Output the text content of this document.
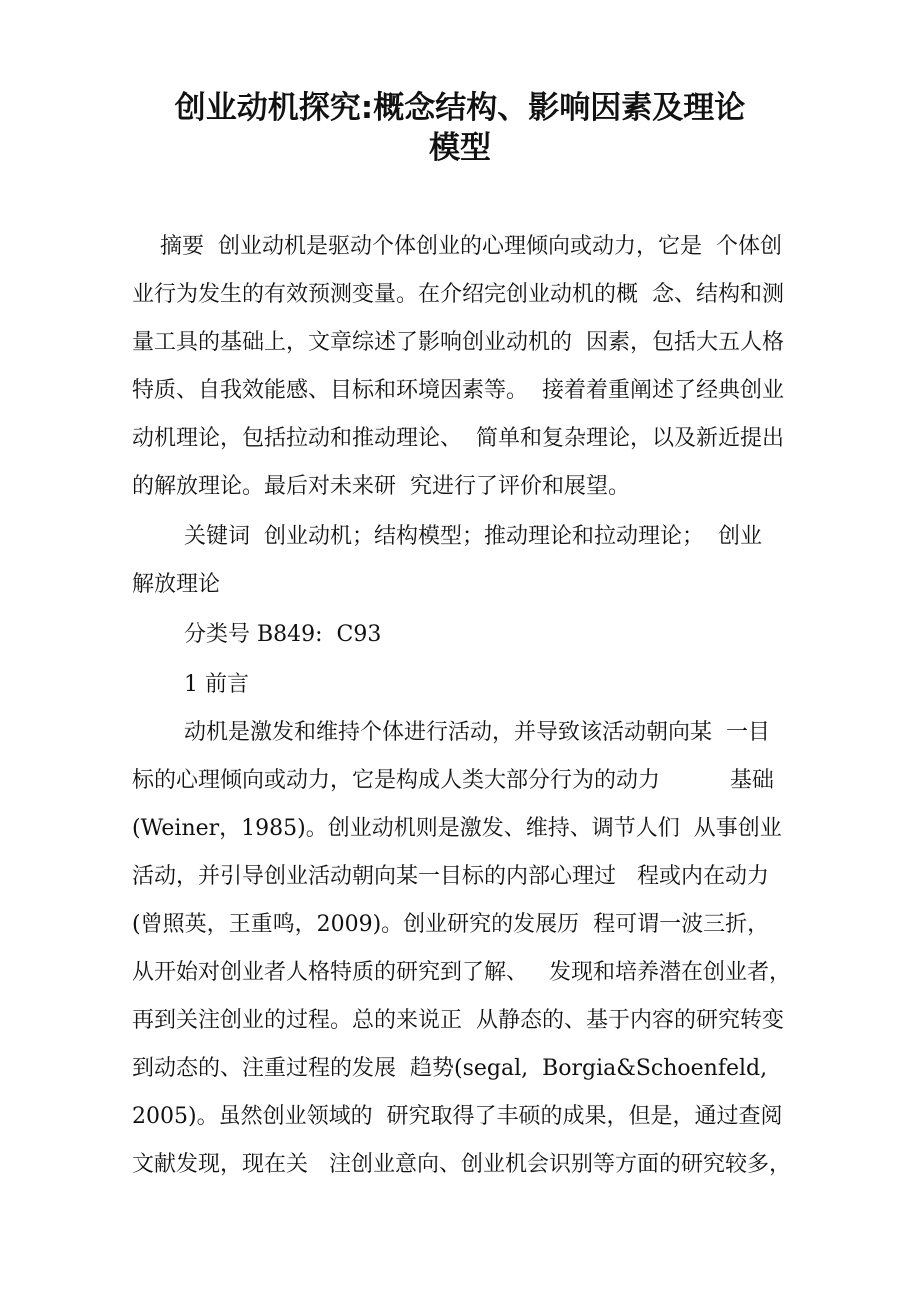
创业动机探究:概念结构、影响因素及理论
模型
摘要  创业动机是驱动个体创业的心理倾向或动力，它是  个体创
业行为发生的有效预测变量。在介绍完创业动机的概  念、结构和测
量工具的基础上，文章综述了影响创业动机的  因素，包括大五人格
特质、自我效能感、目标和环境因素等。  接着着重阐述了经典创业
动机理论，包括拉动和推动理论、  简单和复杂理论，以及新近提出
的解放理论。最后对未来研  究进行了评价和展望。
关键词  创业动机；结构模型；推动理论和拉动理论；  创业
解放理论
分类号 B849:  C93
1 前言
动机是激发和维持个体进行活动，并导致该活动朝向某  一目
标的心理倾向或动力，它是构成人类大部分行为的动力          基础
(Weiner，1985)。创业动机则是激发、维持、调节人们  从事创业
活动，并引导创业活动朝向某一目标的内部心理过   程或内在动力
(曾照英，王重鸣，2009)。创业研究的发展历  程可谓一波三折，
从开始对创业者人格特质的研究到了解、   发现和培养潜在创业者，
再到关注创业的过程。总的来说正  从静态的、基于内容的研究转变
到动态的、注重过程的发展  趋势(segal,  Borgia&Schoenfeld,
2005)。虽然创业领域的  研究取得了丰硕的成果，但是，通过查阅
文献发现，现在关   注创业意向、创业机会识别等方面的研究较多，
